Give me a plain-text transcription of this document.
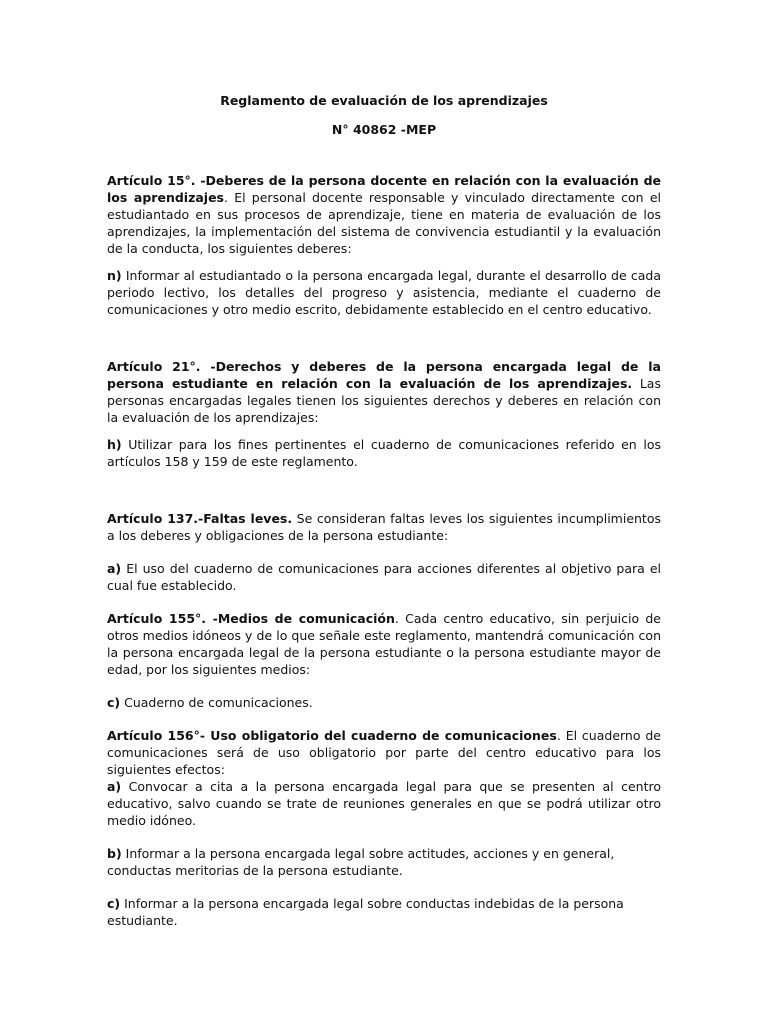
Reglamento de evaluación de los aprendizajes

N° 40862 -MEP

Artículo 15°. -Deberes de la persona docente en relación con la evaluación de los aprendizajes. El personal docente responsable y vinculado directamente con el estudiantado en sus procesos de aprendizaje, tiene en materia de evaluación de los aprendizajes, la implementación del sistema de convivencia estudiantil y la evaluación de la conducta, los siguientes deberes:

n) Informar al estudiantado o la persona encargada legal, durante el desarrollo de cada periodo lectivo, los detalles del progreso y asistencia, mediante el cuaderno de comunicaciones y otro medio escrito, debidamente establecido en el centro educativo.

Artículo 21°. -Derechos y deberes de la persona encargada legal de la persona estudiante en relación con la evaluación de los aprendizajes. Las personas encargadas legales tienen los siguientes derechos y deberes en relación con la evaluación de los aprendizajes:

h) Utilizar para los fines pertinentes el cuaderno de comunicaciones referido en los artículos 158 y 159 de este reglamento.

Artículo 137.-Faltas leves. Se consideran faltas leves los siguientes incumplimientos a los deberes y obligaciones de la persona estudiante:

a) El uso del cuaderno de comunicaciones para acciones diferentes al objetivo para el cual fue establecido.

Artículo 155°. -Medios de comunicación. Cada centro educativo, sin perjuicio de otros medios idóneos y de lo que señale este reglamento, mantendrá comunicación con la persona encargada legal de la persona estudiante o la persona estudiante mayor de edad, por los siguientes medios:

c) Cuaderno de comunicaciones.

Artículo 156°- Uso obligatorio del cuaderno de comunicaciones. El cuaderno de comunicaciones será de uso obligatorio por parte del centro educativo para los siguientes efectos:

a) Convocar a cita a la persona encargada legal para que se presenten al centro educativo, salvo cuando se trate de reuniones generales en que se podrá utilizar otro medio idóneo.

b) Informar a la persona encargada legal sobre actitudes, acciones y en general, conductas meritorias de la persona estudiante.

c) Informar a la persona encargada legal sobre conductas indebidas de la persona estudiante.
